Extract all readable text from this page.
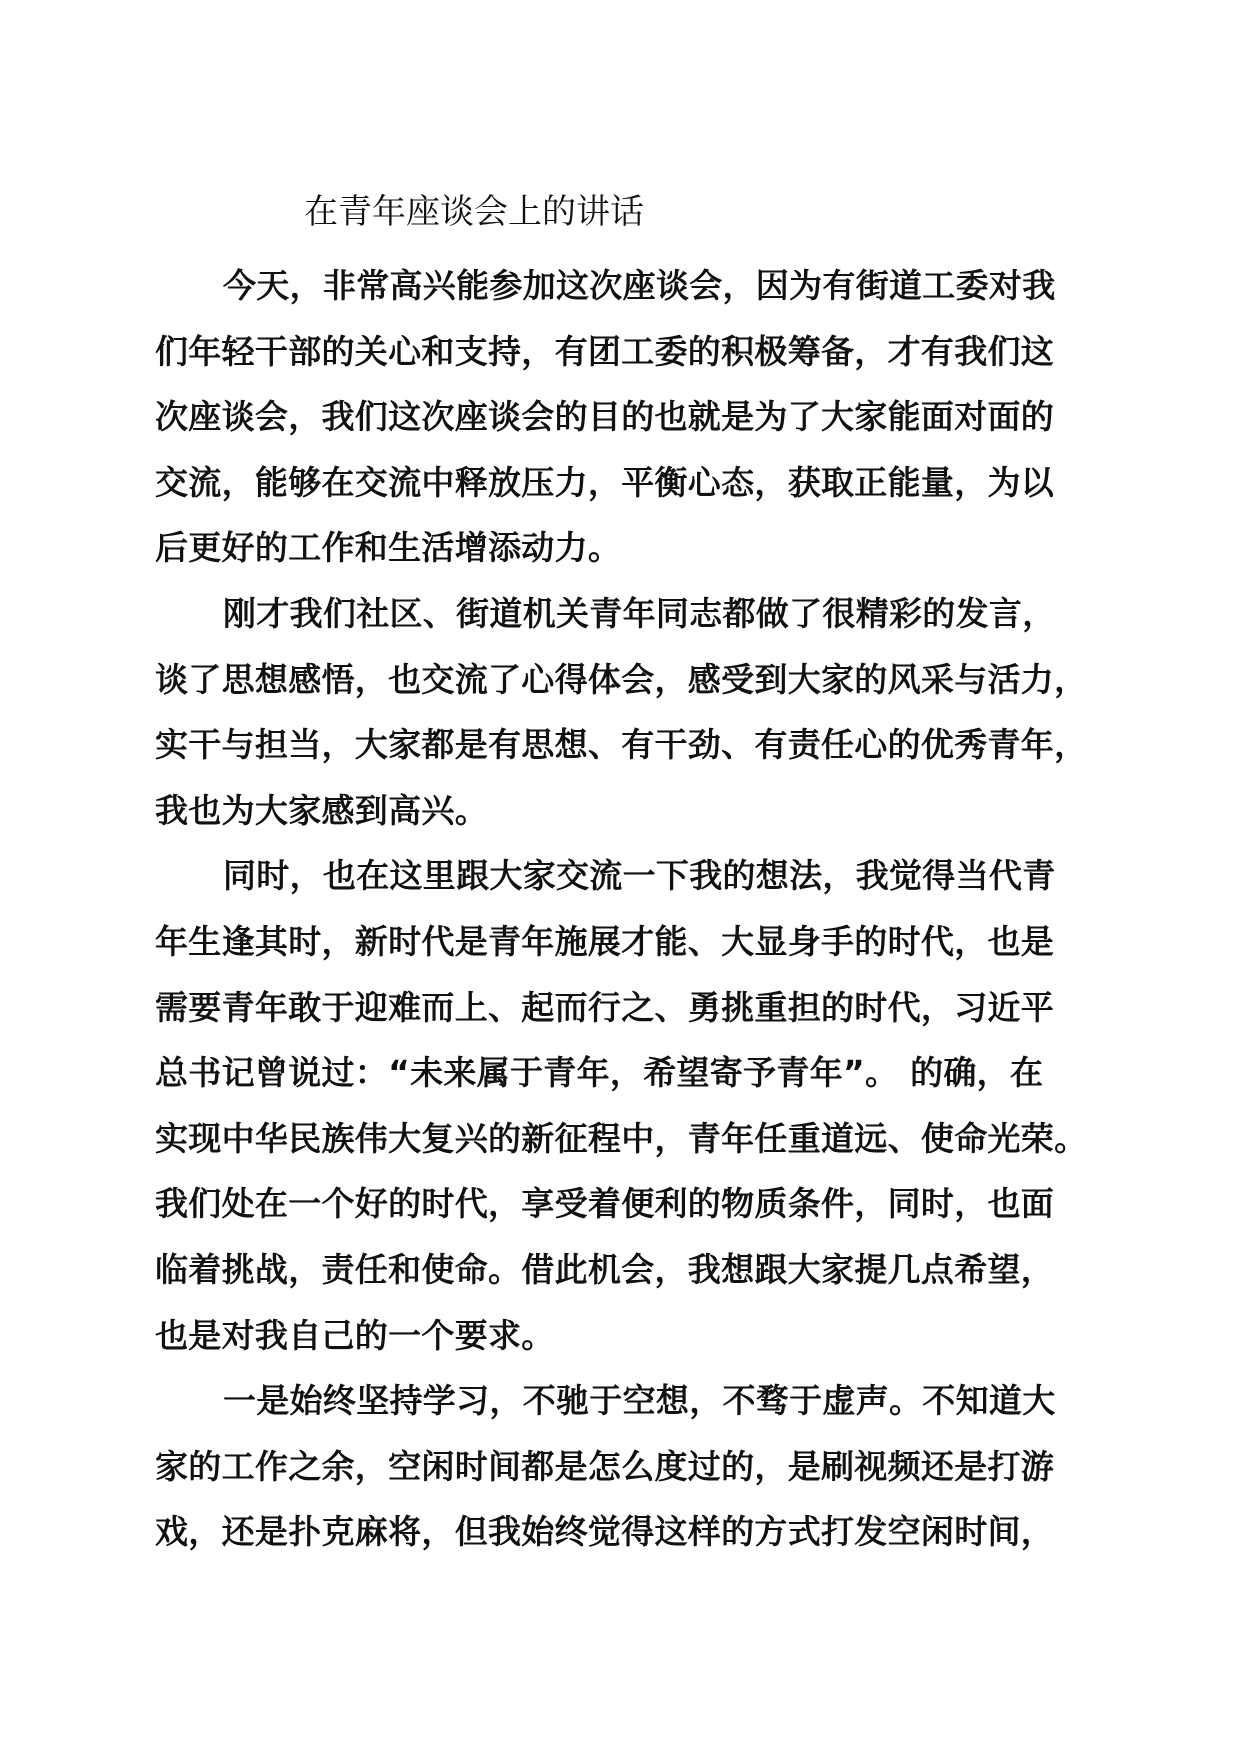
在青年座谈会上的讲话
今天，非常高兴能参加这次座谈会，因为有街道工委对我
们年轻干部的关心和支持，有团工委的积极筹备，才有我们这
次座谈会，我们这次座谈会的目的也就是为了大家能面对面的
交流，能够在交流中释放压力，平衡心态，获取正能量，为以
后更好的工作和生活增添动力。
刚才我们社区、街道机关青年同志都做了很精彩的发言，
谈了思想感悟，也交流了心得体会，感受到大家的风采与活力，
实干与担当，大家都是有思想、有干劲、有责任心的优秀青年，
我也为大家感到高兴。
同时，也在这里跟大家交流一下我的想法，我觉得当代青
年生逢其时，新时代是青年施展才能、大显身手的时代，也是
需要青年敢于迎难而上、起而行之、勇挑重担的时代，习近平
总书记曾说过：“未来属于青年，希望寄予青年”。 的确，在
实现中华民族伟大复兴的新征程中，青年任重道远、使命光荣。
我们处在一个好的时代，享受着便利的物质条件，同时，也面
临着挑战，责任和使命。借此机会，我想跟大家提几点希望，
也是对我自己的一个要求。
一是始终坚持学习，不驰于空想，不骛于虚声。不知道大
家的工作之余，空闲时间都是怎么度过的，是刷视频还是打游
戏，还是扑克麻将，但我始终觉得这样的方式打发空闲时间，
